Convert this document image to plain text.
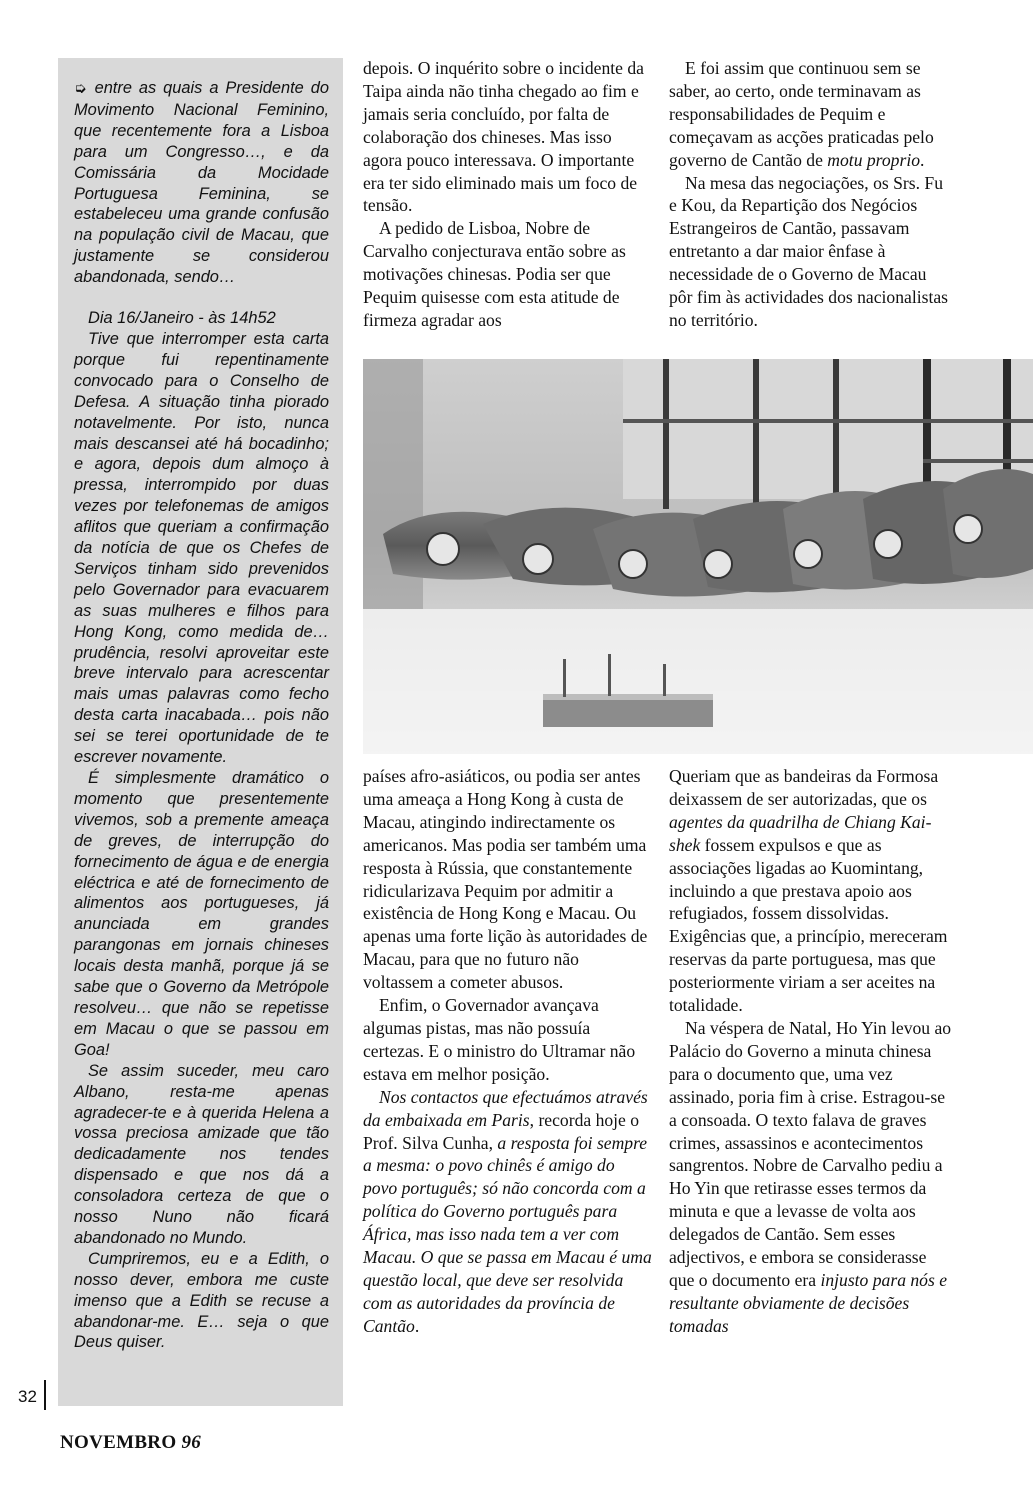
➭ entre as quais a Presidente do Movimento Nacional Feminino, que recentemente fora a Lisboa para um Congresso…, e da Comissária da Mocidade Portuguesa Feminina, se estabeleceu uma grande confusão na população civil de Macau, que justamente se considerou abandonada, sendo…

Dia 16/Janeiro - às 14h52

Tive que interromper esta carta porque fui repentinamente convocado para o Conselho de Defesa. A situação tinha piorado notavelmente. Por isto, nunca mais descansei até há bocadinho; e agora, depois dum almoço à pressa, interrompido por duas vezes por telefonemas de amigos aflitos que queriam a confirmação da notícia de que os Chefes de Serviços tinham sido prevenidos pelo Governador para evacuarem as suas mulheres e filhos para Hong Kong, como medida de… prudência, resolvi aproveitar este breve intervalo para acrescentar mais umas palavras como fecho desta carta inacabada… pois não sei se terei oportunidade de te escrever novamente.

É simplesmente dramático o momento que presentemente vivemos, sob a premente ameaça de greves, de interrupção do fornecimento de água e de energia eléctrica e até de fornecimento de alimentos aos portugueses, já anunciada em grandes parangonas em jornais chineses locais desta manhã, porque já se sabe que o Governo da Metrópole resolveu… que não se repetisse em Macau o que se passou em Goa!

Se assim suceder, meu caro Albano, resta-me apenas agradecer-te e à querida Helena a vossa preciosa amizade que tão dedicadamente nos tendes dispensado e que nos dá a consoladora certeza de que o nosso Nuno não ficará abandonado no Mundo.

Cumpriremos, eu e a Edith, o nosso dever, embora me custe imenso que a Edith se recuse a abandonar-me. E… seja o que Deus quiser.

32

depois. O inquérito sobre o incidente da Taipa ainda não tinha chegado ao fim e jamais seria concluído, por falta de colaboração dos chineses. Mas isso agora pouco interessava. O importante era ter sido eliminado mais um foco de tensão.

A pedido de Lisboa, Nobre de Carvalho conjecturava então sobre as motivações chinesas. Podia ser que Pequim quisesse com esta atitude de firmeza agradar aos

E foi assim que continuou sem se saber, ao certo, onde terminavam as responsabilidades de Pequim e começavam as acções praticadas pelo governo de Cantão de motu proprio.

Na mesa das negociações, os Srs. Fu e Kou, da Repartição dos Negócios Estrangeiros de Cantão, passavam entretanto a dar maior ênfase à necessidade de o Governo de Macau pôr fim às actividades dos nacionalistas no território.

países afro-asiáticos, ou podia ser antes uma ameaça a Hong Kong à custa de Macau, atingindo indirectamente os americanos. Mas podia ser também uma resposta à Rússia, que constantemente ridicularizava Pequim por admitir a existência de Hong Kong e Macau. Ou apenas uma forte lição às autoridades de Macau, para que no futuro não voltassem a cometer abusos.

Enfim, o Governador avançava algumas pistas, mas não possuía certezas. E o ministro do Ultramar não estava em melhor posição.

Nos contactos que efectuámos através da embaixada em Paris, recorda hoje o Prof. Silva Cunha, a resposta foi sempre a mesma: o povo chinês é amigo do povo português; só não concorda com a política do Governo português para África, mas isso nada tem a ver com Macau. O que se passa em Macau é uma questão local, que deve ser resolvida com as autoridades da província de Cantão.

Queriam que as bandeiras da Formosa deixassem de ser autorizadas, que os agentes da quadrilha de Chiang Kai-shek fossem expulsos e que as associações ligadas ao Kuomintang, incluindo a que prestava apoio aos refugiados, fossem dissolvidas. Exigências que, a princípio, mereceram reservas da parte portuguesa, mas que posteriormente viriam a ser aceites na totalidade.

Na véspera de Natal, Ho Yin levou ao Palácio do Governo a minuta chinesa para o documento que, uma vez assinado, poria fim à crise. Estragou-se a consoada. O texto falava de graves crimes, assassinos e acontecimentos sangrentos. Nobre de Carvalho pediu a Ho Yin que retirasse esses termos da minuta e que a levasse de volta aos delegados de Cantão. Sem esses adjectivos, e embora se considerasse que o documento era injusto para nós e resultante obviamente de decisões tomadas

NOVEMBRO 96
